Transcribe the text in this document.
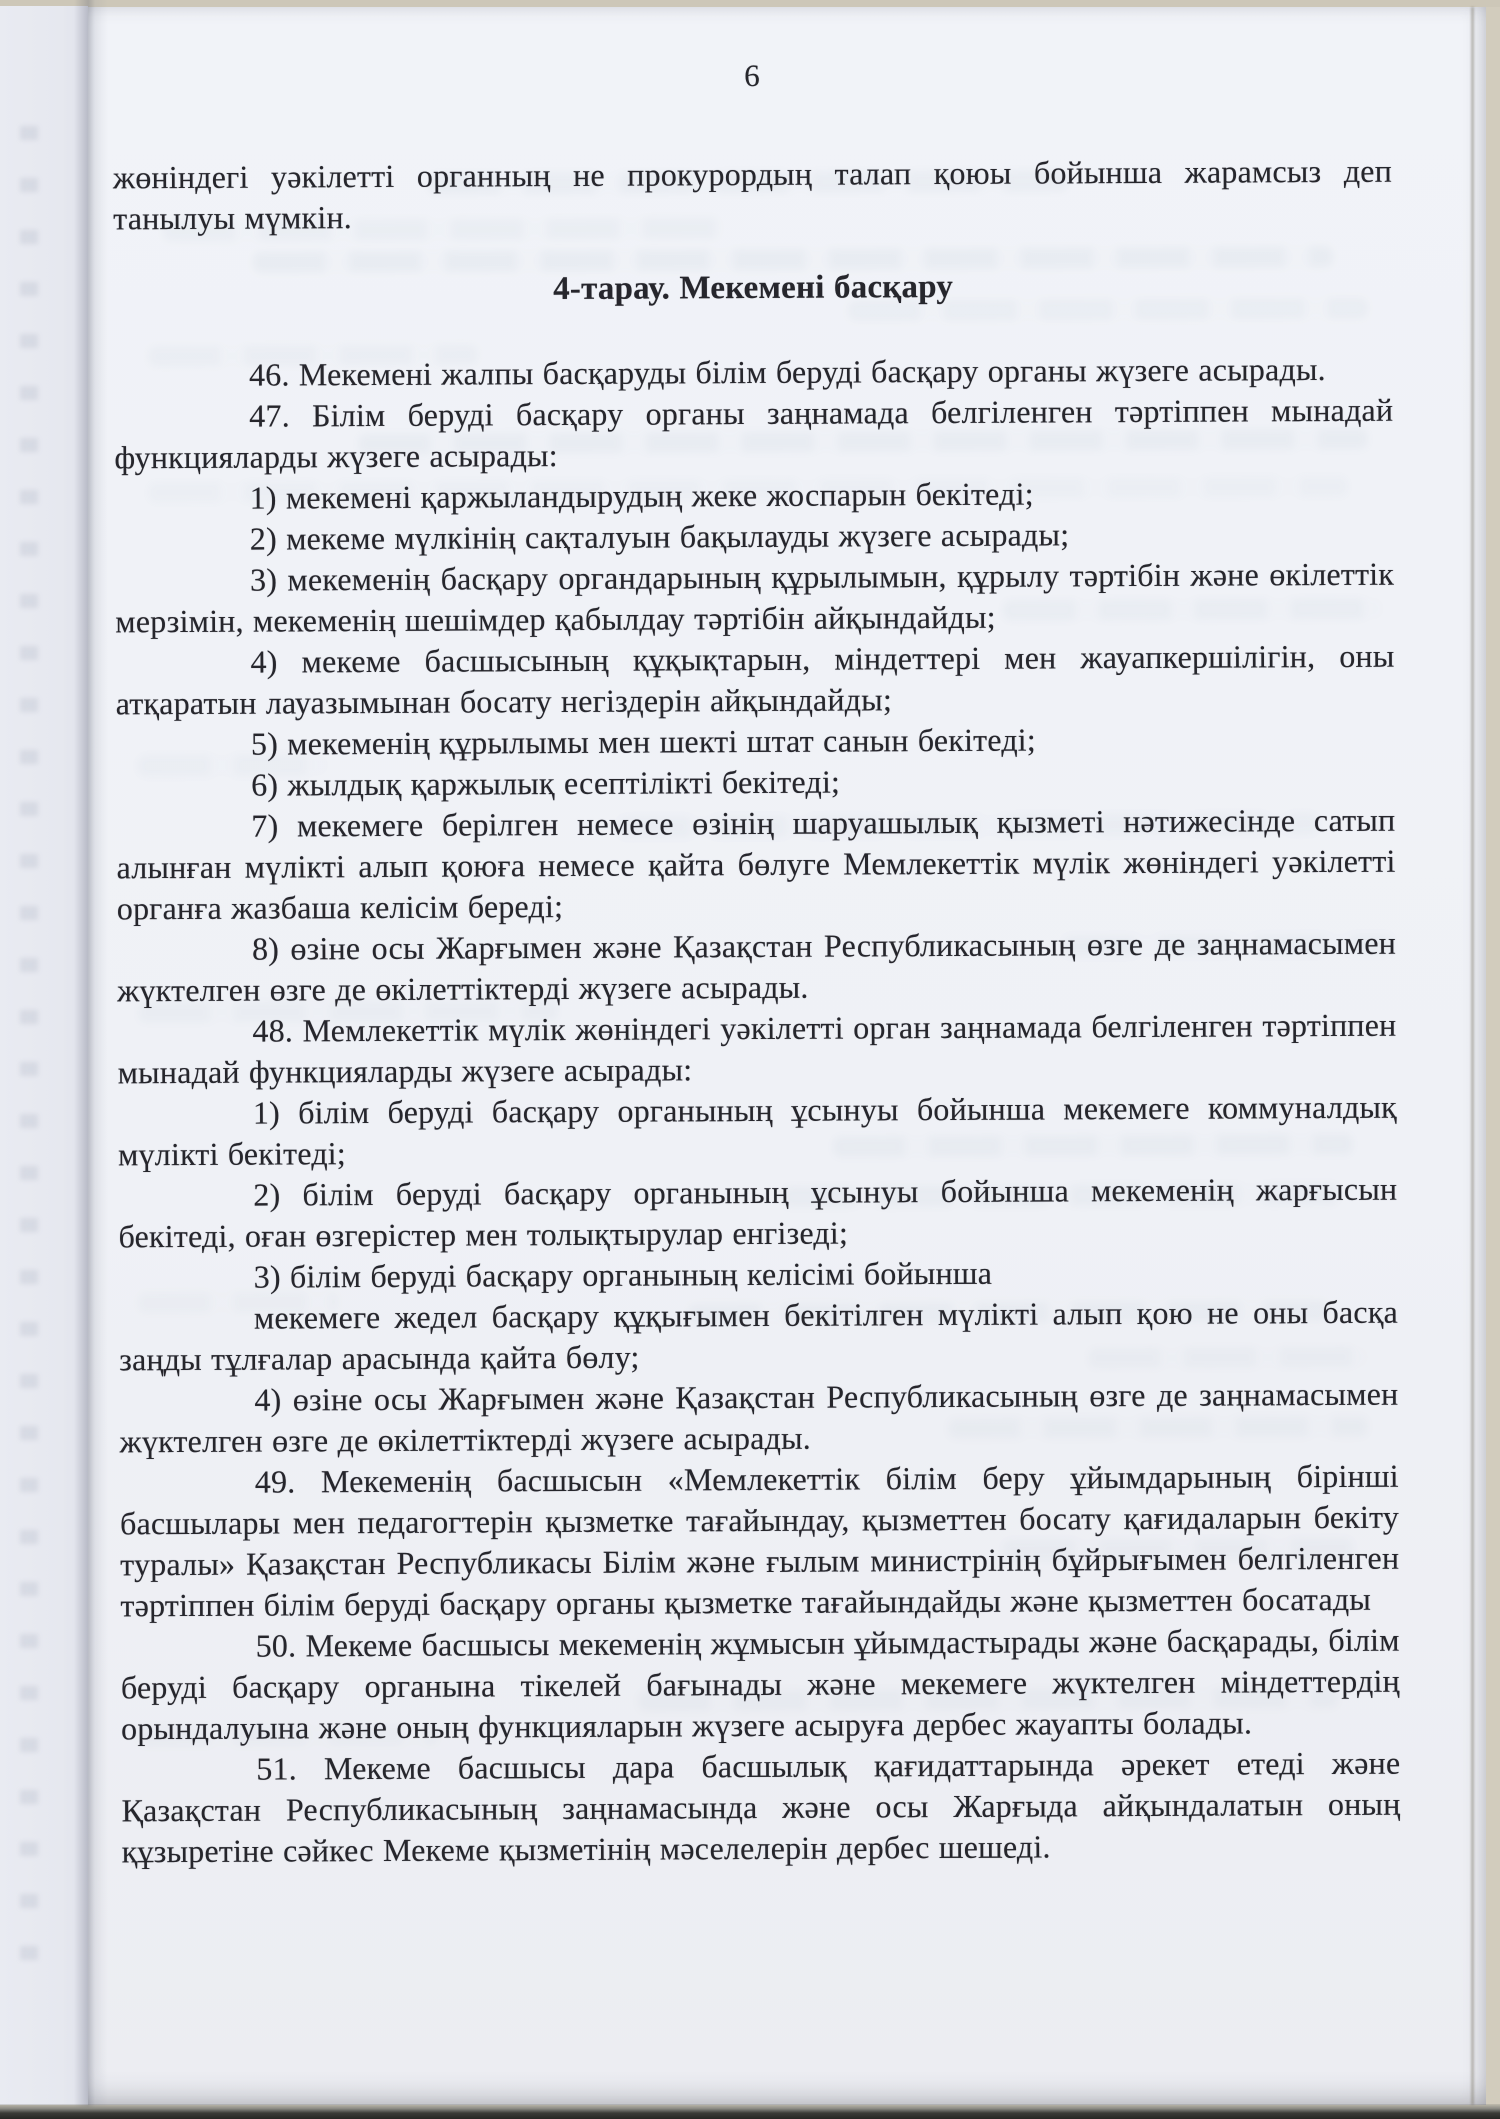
6

жөніндегі уәкілетті органның не прокурордың талап қоюы бойынша жарамсыз деп танылуы мүмкін.

4-тарау. Мекемені басқару

46. Мекемені жалпы басқаруды білім беруді басқару органы жүзеге асырады.

47. Білім беруді басқару органы заңнамада белгіленген тәртіппен мынадай функцияларды жүзеге асырады:

1) мекемені қаржыландырудың жеке жоспарын бекітеді;

2) мекеме мүлкінің сақталуын бақылауды жүзеге асырады;

3) мекеменің басқару органдарының құрылымын, құрылу тәртібін және өкілеттік мерзімін, мекеменің шешімдер қабылдау тәртібін айқындайды;

4) мекеме басшысының құқықтарын, міндеттері мен жауапкершілігін, оны атқаратын лауазымынан босату негіздерін айқындайды;

5) мекеменің құрылымы мен шекті штат санын бекітеді;

6) жылдық қаржылық есептілікті бекітеді;

7) мекемеге берілген немесе өзінің шаруашылық қызметі нәтижесінде сатып алынған мүлікті алып қоюға немесе қайта бөлуге Мемлекеттік мүлік жөніндегі уәкілетті органға жазбаша келісім береді;

8) өзіне осы Жарғымен және Қазақстан Республикасының өзге де заңнамасымен жүктелген өзге де өкілеттіктерді жүзеге асырады.

48. Мемлекеттік мүлік жөніндегі уәкілетті орган заңнамада белгіленген тәртіппен мынадай функцияларды жүзеге асырады:

1) білім беруді басқару органының ұсынуы бойынша мекемеге коммуналдық мүлікті бекітеді;

2) білім беруді басқару органының ұсынуы бойынша мекеменің жарғысын бекітеді, оған өзгерістер мен толықтырулар енгізеді;

3) білім беруді басқару органының келісімі бойынша

мекемеге жедел басқару құқығымен бекітілген мүлікті алып қою не оны басқа заңды тұлғалар арасында қайта бөлу;

4) өзіне осы Жарғымен және Қазақстан Республикасының өзге де заңнамасымен жүктелген өзге де өкілеттіктерді жүзеге асырады.

49. Мекеменің басшысын «Мемлекеттік білім беру ұйымдарының бірінші басшылары мен педагогтерін қызметке тағайындау, қызметтен босату қағидаларын бекіту туралы» Қазақстан Республикасы Білім және ғылым министрінің бұйрығымен белгіленген тәртіппен білім беруді басқару органы қызметке тағайындайды және қызметтен босатады

50. Мекеме басшысы мекеменің жұмысын ұйымдастырады және басқарады, білім беруді басқару органына тікелей бағынады және мекемеге жүктелген міндеттердің орындалуына және оның функцияларын жүзеге асыруға дербес жауапты болады.

51. Мекеме басшысы дара басшылық қағидаттарында әрекет етеді және Қазақстан Республикасының заңнамасында және осы Жарғыда айқындалатын оның құзыретіне сәйкес Мекеме қызметінің мәселелерін дербес шешеді.
